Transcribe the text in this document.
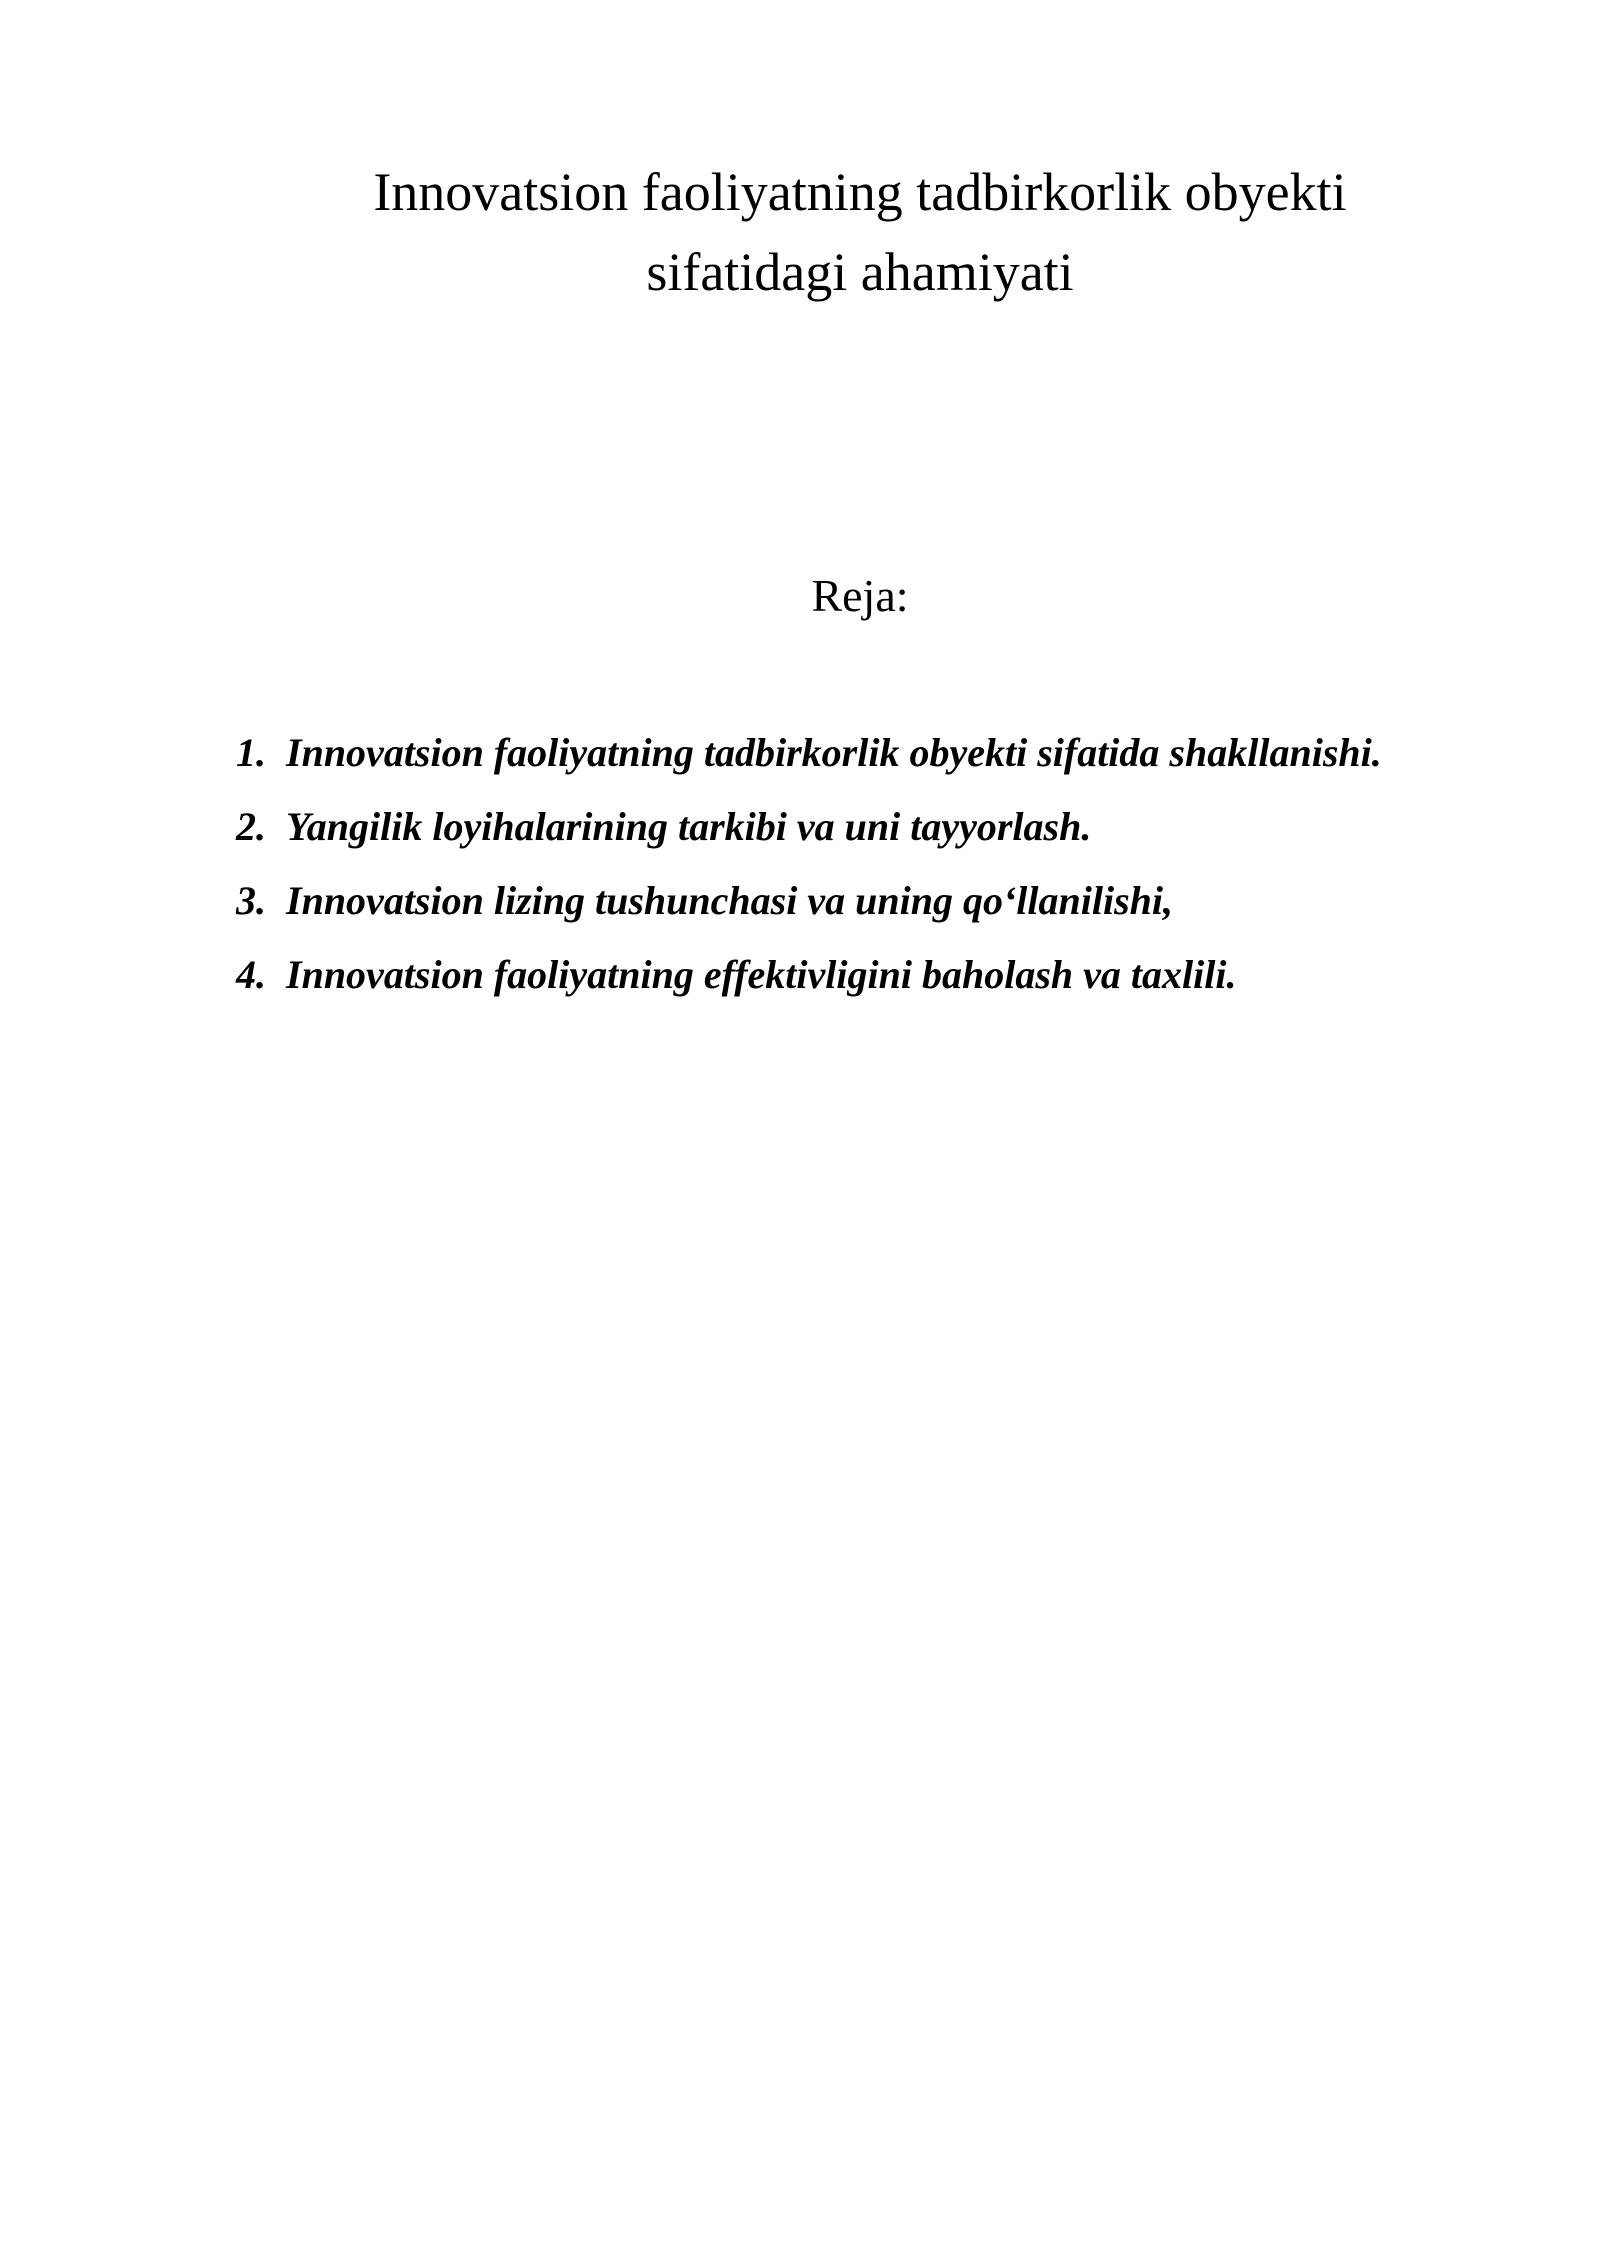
Innovatsion faoliyatning tadbirkorlik obyekti
sifatidagi ahamiyati
Reja:
1. Innovatsion faoliyatning tadbirkorlik obyekti sifatida shakllanishi.
2. Yangilik loyihalarining tarkibi va uni tayyorlash.
3. Innovatsion lizing tushunchasi va uning qo‘llanilishi,
4. Innovatsion faoliyatning effektivligini baholash va taxlili.
